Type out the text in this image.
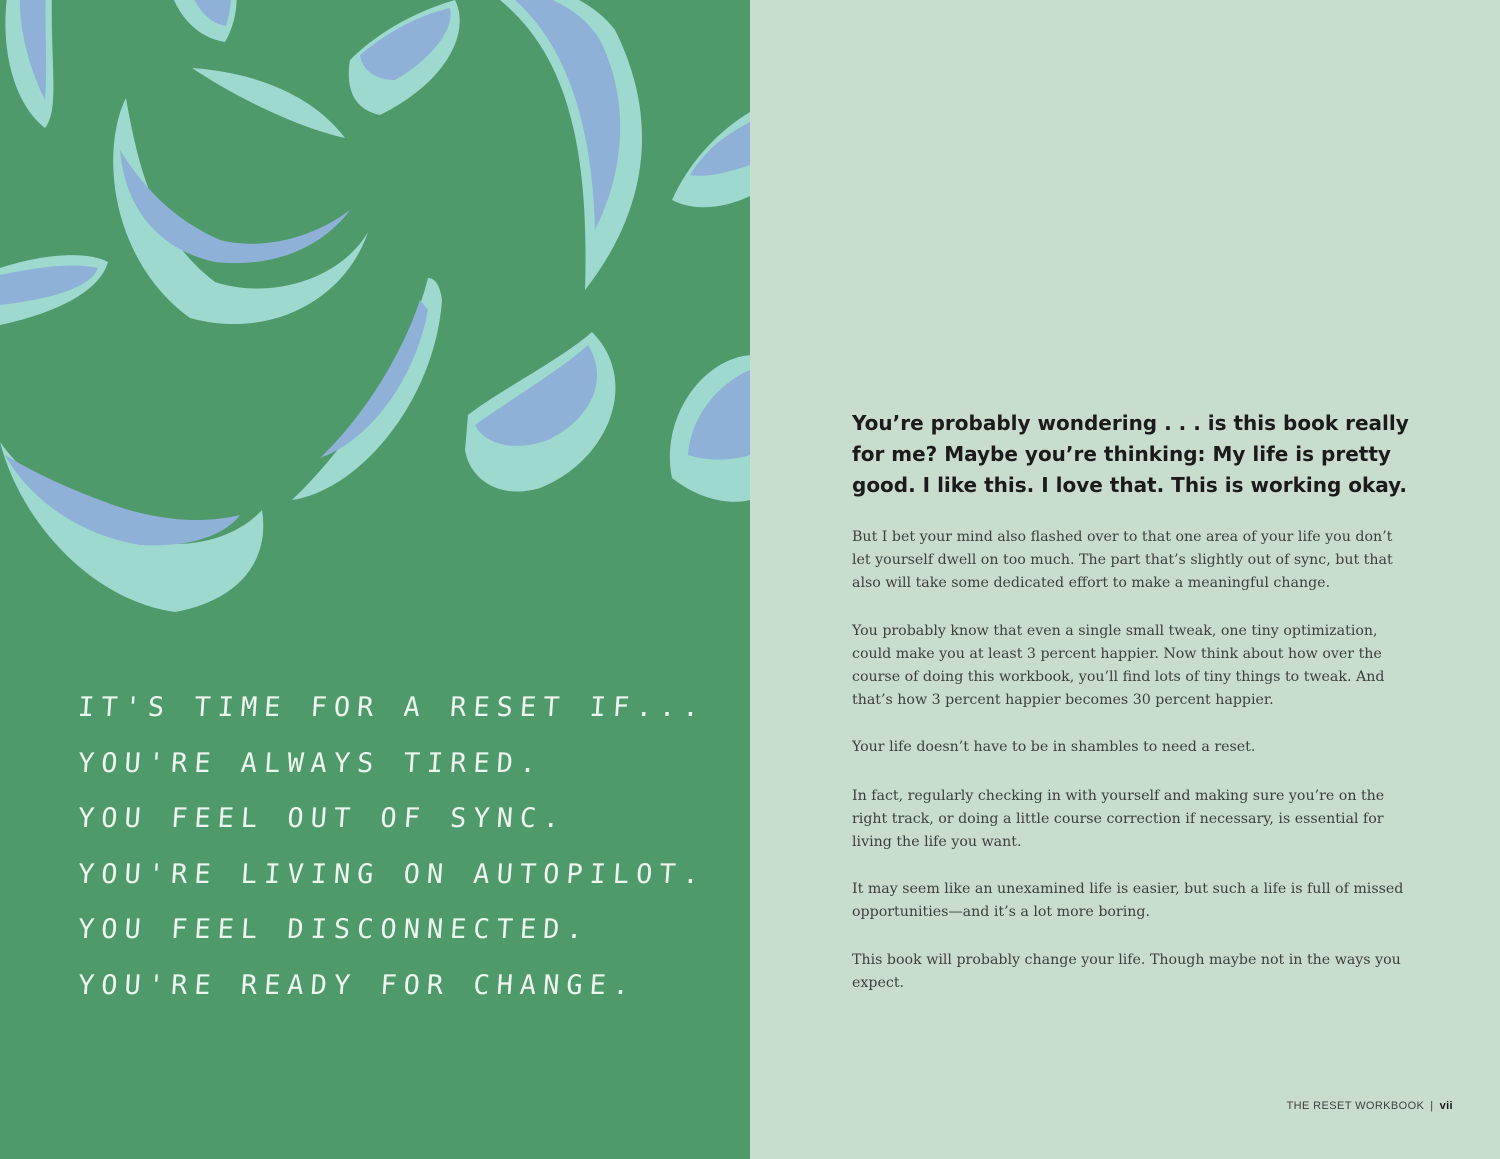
IT'S TIME FOR A RESET IF...
YOU'RE ALWAYS TIRED.
YOU FEEL OUT OF SYNC.
YOU'RE LIVING ON AUTOPILOT.
YOU FEEL DISCONNECTED.
YOU'RE READY FOR CHANGE.

You’re probably wondering . . . is this book really for me? Maybe you’re thinking: My life is pretty good. I like this. I love that. This is working okay.

But I bet your mind also flashed over to that one area of your life you don’t let yourself dwell on too much. The part that’s slightly out of sync, but that also will take some dedicated effort to make a meaningful change.

You probably know that even a single small tweak, one tiny optimization, could make you at least 3 percent happier. Now think about how over the course of doing this workbook, you’ll find lots of tiny things to tweak. And that’s how 3 percent happier becomes 30 percent happier.

Your life doesn’t have to be in shambles to need a reset.

In fact, regularly checking in with yourself and making sure you’re on the right track, or doing a little course correction if necessary, is essential for living the life you want.

It may seem like an unexamined life is easier, but such a life is full of missed opportunities—and it’s a lot more boring.

This book will probably change your life. Though maybe not in the ways you expect.

THE RESET WORKBOOK | vii
